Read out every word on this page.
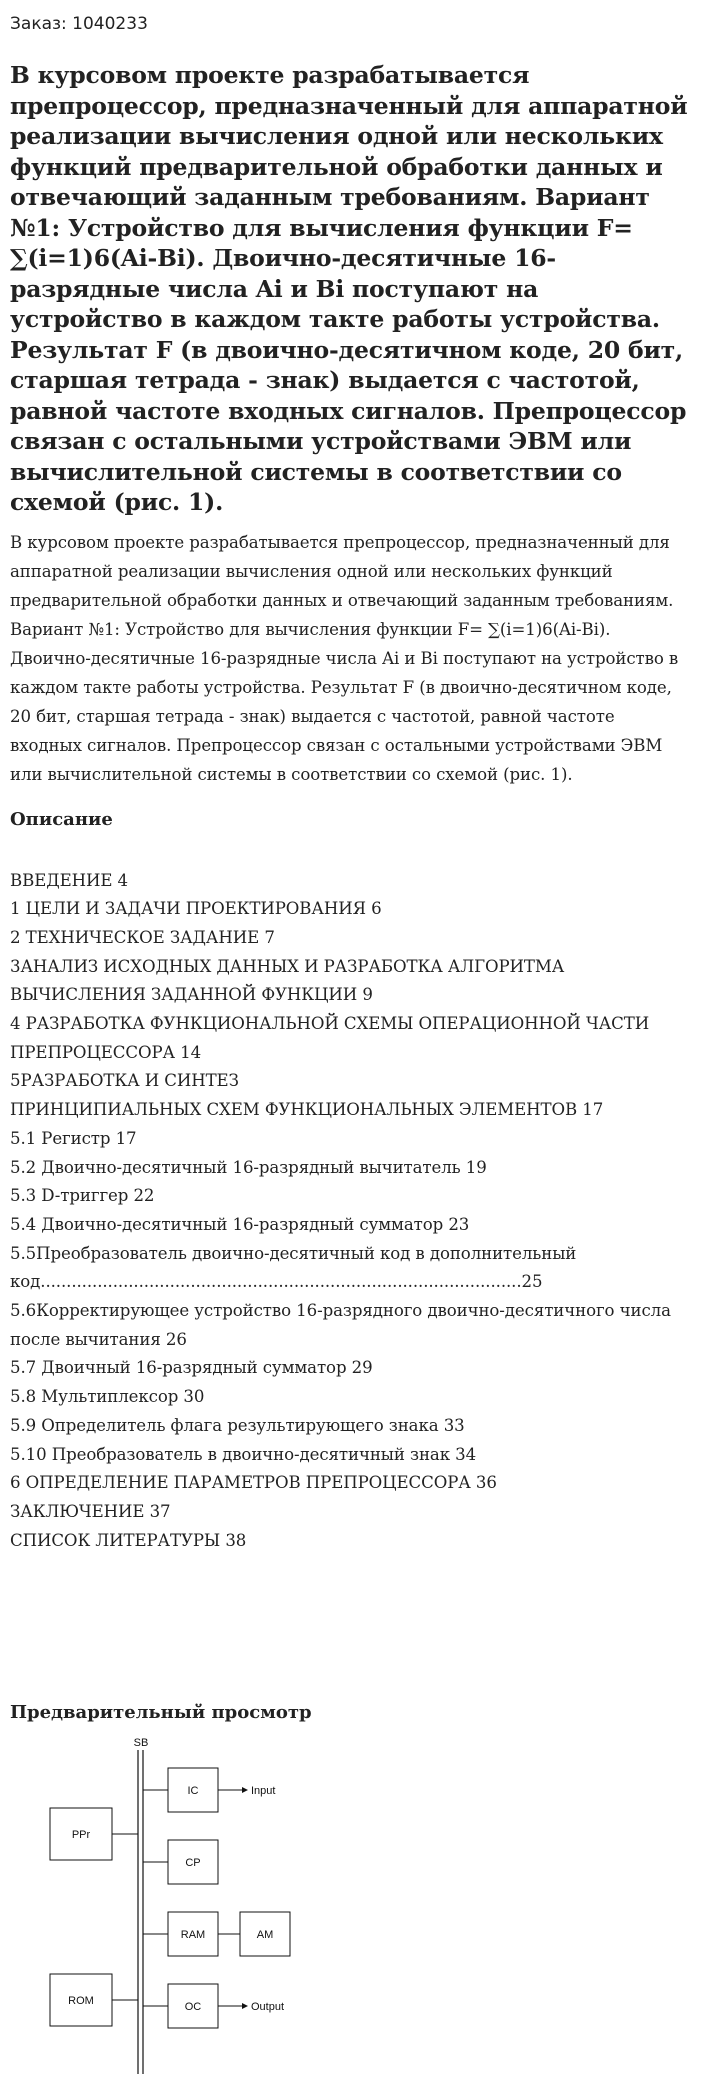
Заказ: 1040233

В курсовом проекте разрабатывается препроцессор, предназначенный для аппаратной реализации вычисления одной или нескольких функций предварительной обработки данных и отвечающий заданным требованиям. Вариант №1: Устройство для вычисления функции F= ∑(i=1)6(Ai-Bi). Двоично-десятичные 16-разрядные числа Ai и Bi поступают на устройство в каждом такте работы устройства. Результат F (в двоично-десятичном коде, 20 бит, старшая тетрада - знак) выдается с частотой, равной частоте входных сигналов. Препроцессор связан с остальными устройствами ЭВМ или вычислительной системы в соответствии со схемой (рис. 1).

В курсовом проекте разрабатывается препроцессор, предназначенный для аппаратной реализации вычисления одной или нескольких функций предварительной обработки данных и отвечающий заданным требованиям. Вариант №1: Устройство для вычисления функции F= ∑(i=1)6(Ai-Bi). Двоично-десятичные 16-разрядные числа Ai и Bi поступают на устройство в каждом такте работы устройства. Результат F (в двоично-десятичном коде, 20 бит, старшая тетрада - знак) выдается с частотой, равной частоте входных сигналов. Препроцессор связан с остальными устройствами ЭВМ или вычислительной системы в соответствии со схемой (рис. 1).

Описание
ВВЕДЕНИЕ 4
1 ЦЕЛИ И ЗАДАЧИ ПРОЕКТИРОВАНИЯ 6
2 ТЕХНИЧЕСКОЕ ЗАДАНИЕ 7
3АНАЛИЗ ИСХОДНЫХ ДАННЫХ И РАЗРАБОТКА АЛГОРИТМА ВЫЧИСЛЕНИЯ ЗАДАННОЙ ФУНКЦИИ 9
4 РАЗРАБОТКА ФУНКЦИОНАЛЬНОЙ СХЕМЫ ОПЕРАЦИОННОЙ ЧАСТИ ПРЕПРОЦЕССОРА 14
5РАЗРАБОТКА И СИНТЕЗ
ПРИНЦИПИАЛЬНЫХ СХЕМ ФУНКЦИОНАЛЬНЫХ ЭЛЕМЕНТОВ 17
5.1 Регистр 17
5.2 Двоично-десятичный 16-разрядный вычитатель 19
5.3 D-триггер 22
5.4 Двоично-десятичный 16-разрядный сумматор 23
5.5Преобразователь двоично-десятичный код в дополнительный код.............................................................................................25
5.6Корректирующее устройство 16-разрядного двоично-десятичного числа после вычитания 26
5.7 Двоичный 16-разрядный сумматор 29
5.8 Мультиплексор 30
5.9 Определитель флага результирующего знака 33
5.10 Преобразователь в двоично-десятичный знак 34
6 ОПРЕДЕЛЕНИЕ ПАРАМЕТРОВ ПРЕПРОЦЕССОРА 36
ЗАКЛЮЧЕНИЕ 37
СПИСОК ЛИТЕРАТУРЫ 38
Предварительный просмотр
SB
PPr
ROM
IC	Input
CP
RAM	AM
OC	Output
